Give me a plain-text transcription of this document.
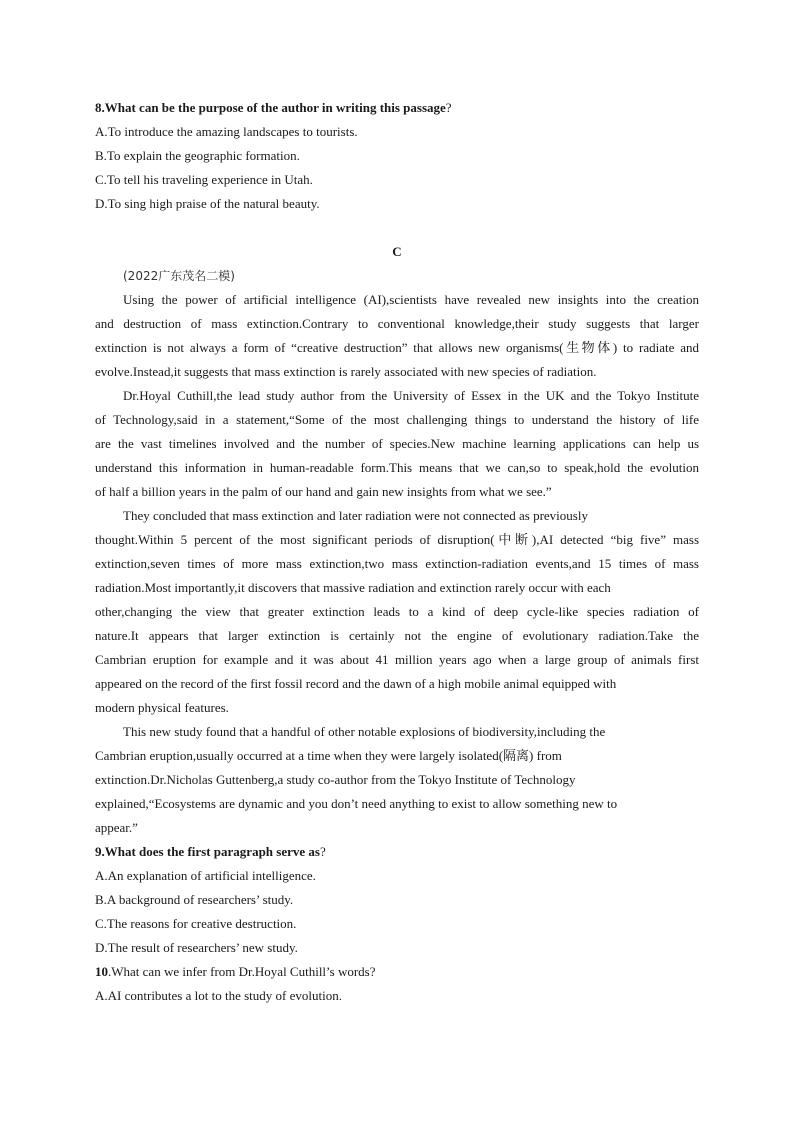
8.What can be the purpose of the author in writing this passage?
A.To introduce the amazing landscapes to tourists.
B.To explain the geographic formation.
C.To tell his traveling experience in Utah.
D.To sing high praise of the natural beauty.
C
(2022广东茂名二模)
Using the power of artificial intelligence (AI),scientists have revealed new insights into the creation
and destruction of mass extinction.Contrary to conventional knowledge,their study suggests that larger
extinction is not always a form of “creative destruction” that allows new organisms(生物体) to radiate and
evolve.Instead,it suggests that mass extinction is rarely associated with new species of radiation.
Dr.Hoyal Cuthill,the lead study author from the University of Essex in the UK and the Tokyo Institute
of Technology,said in a statement,“Some of the most challenging things to understand the history of life
are the vast timelines involved and the number of species.New machine learning applications can help us
understand this information in human-readable form.This means that we can,so to speak,hold the evolution
of half a billion years in the palm of our hand and gain new insights from what we see.”
They concluded that mass extinction and later radiation were not connected as previously
thought.Within 5 percent of the most significant periods of disruption(中断),AI detected “big five” mass
extinction,seven times of more mass extinction,two mass extinction-radiation events,and 15 times of mass
radiation.Most importantly,it discovers that massive radiation and extinction rarely occur with each
other,changing the view that greater extinction leads to a kind of deep cycle-like species radiation of
nature.It appears that larger extinction is certainly not the engine of evolutionary radiation.Take the
Cambrian eruption for example and it was about 41 million years ago when a large group of animals first
appeared on the record of the first fossil record and the dawn of a high mobile animal equipped with
modern physical features.
This new study found that a handful of other notable explosions of biodiversity,including the
Cambrian eruption,usually occurred at a time when they were largely isolated(隔离) from
extinction.Dr.Nicholas Guttenberg,a study co-author from the Tokyo Institute of Technology
explained,“Ecosystems are dynamic and you don’t need anything to exist to allow something new to
appear.”
9.What does the first paragraph serve as?
A.An explanation of artificial intelligence.
B.A background of researchers’ study.
C.The reasons for creative destruction.
D.The result of researchers’ new study.
10.What can we infer from Dr.Hoyal Cuthill’s words?
A.AI contributes a lot to the study of evolution.
